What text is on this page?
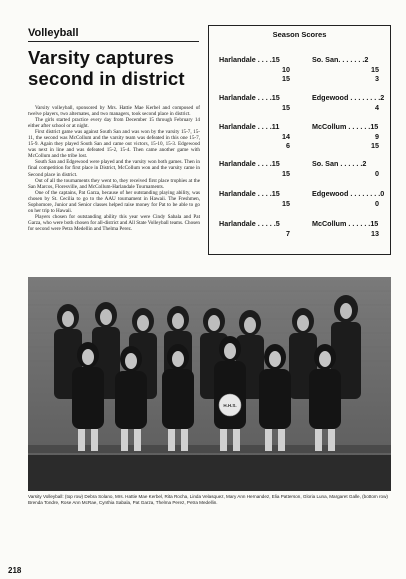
Volleyball
Varsity captures
second in district

Varsity volleyball, sponsored by Mrs. Hattie Mae Kerbel and composed of twelve players, two alternates, and two managers, took second place in district.

The girls started practice every day from December 15 through February 14 either after school or at night.

First district game was against South San and was won by the varsity 15-7, 15-11, the second was McCollum and the varsity team was defeated in this one 15-7, 15-9. Again they played South San and came out victors, 15-10, 15-3. Edgewood was next in line and was defeated 15-2, 15-4. Then came another game with McCollum and the tribe lost.

South San and Edgewood were played and the varsity won both games. Then in final competition for first place in District, McCollum won and the varsity came in Second place in district.

Out of all the tournaments they went to, they received first place trophies at the San Marcos, Floresville, and McCollum-Harlandale Tournaments.

One of the captains, Pat Garza, because of her outstanding playing ability, was chosen by St. Cecilia to go to the AAU tournament in Hawaii. The Freshmen, Sophomore, Junior and Senior classes helped raise money for Pat to be able to go on her trip to Hawaii.

Players chosen for outstanding ability this year were Cindy Sabala and Pat Garza, who were both chosen for all-district and All State Volleyball teams. Chosen for second were Petra Medellin and Thelma Perez.

Season Scores
Harlandale . . . .15
10
15
So. San. . . . . . .2
15
3
Harlandale . . . .15
15
Edgewood . . . . . . . .2
4
Harlandale . . . .11
14
6
McCollum . . . . . .15
9
15
Harlandale . . . .15
15
So. San . . . . . .2
0
Harlandale . . . .15
15
Edgewood . . . . . . . .0
0
Harlandale . . . . .5
7
McCollum . . . . . .15
13
H.H.S.
Varsity Volleyball: (top row) Debra Solano, Mrs. Hattie Mae Kerbel, Rita Rocha, Linda Velasquez, Mary Ann Hernandez, Elia Patterson, Gloria Luna, Margaret Galle, (bottom row) Brenda Tondre, Rose Ann McRae, Cynthia Sabala, Pat Garza, Thelma Perez, Petra Medellin.
218
